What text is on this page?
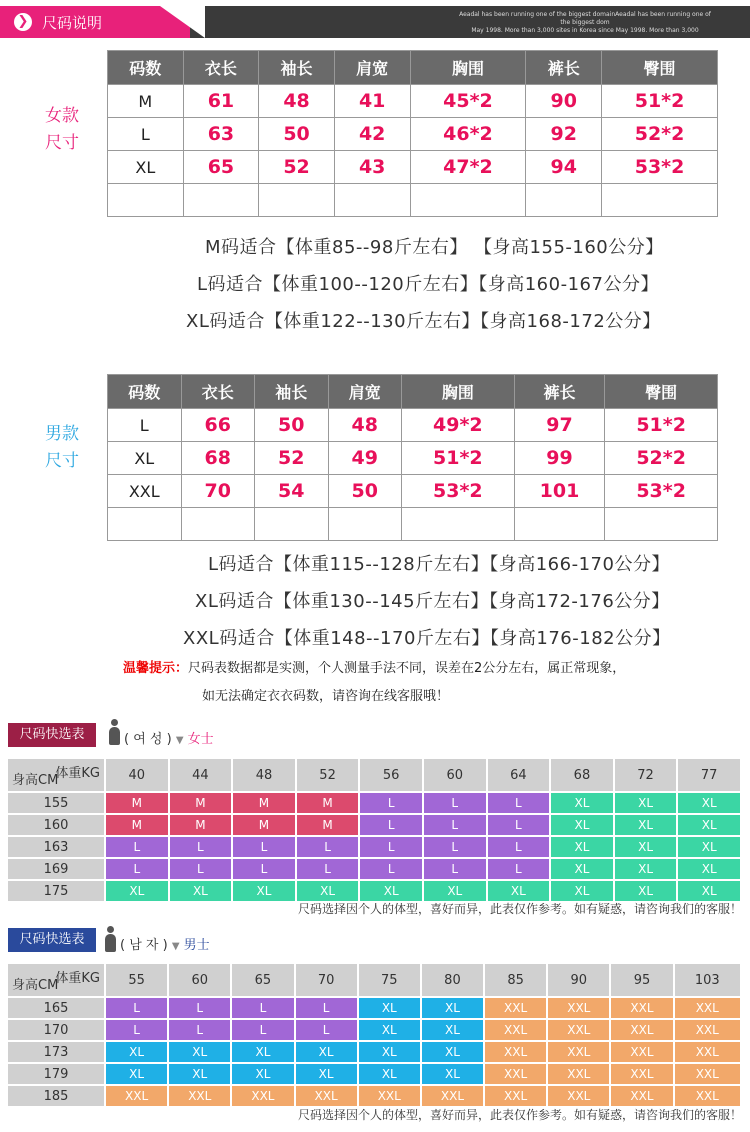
❯ 尺码说明	Aeadal has been running one of the biggest domainAeadal has been running one of the biggest dom
May 1998. More than 3,000 sites in Korea since May 1998. More than 3,000
女款
尺寸
码数	衣长	袖长	肩宽	胸围	裤长	臀围
M	61	48	41	45*2	90	51*2
L	63	50	42	46*2	92	52*2
XL	65	52	43	47*2	94	53*2

M码适合【体重85--98斤左右】 【身高155-160公分】
L码适合【体重100--120斤左右】【身高160-167公分】
XL码适合【体重122--130斤左右】【身高168-172公分】
男款
尺寸
码数	衣长	袖长	肩宽	胸围	裤长	臀围
L	66	50	48	49*2	97	51*2
XL	68	52	49	51*2	99	52*2
XXL	70	54	50	53*2	101	53*2

L码适合【体重115--128斤左右】【身高166-170公分】
XL码适合【体重130--145斤左右】【身高172-176公分】
XXL码适合【体重148--170斤左右】【身高176-182公分】
温馨提示：尺码表数据都是实测，个人测量手法不同，误差在2公分左右，属正常现象，
如无法确定衣衣码数，请咨询在线客服哦！
尺码快选表	( 여 성 ) ▼ 女士
体重KG
身高CM	40	44	48	52	56	60	64	68	72	77
155	M	M	M	M	L	L	L	XL	XL	XL
160	M	M	M	M	L	L	L	XL	XL	XL
163	L	L	L	L	L	L	L	XL	XL	XL
169	L	L	L	L	L	L	L	XL	XL	XL
175	XL	XL	XL	XL	XL	XL	XL	XL	XL	XL
尺码选择因个人的体型，喜好而异，此表仅作参考。如有疑惑，请咨询我们的客服！
尺码快选表	( 남 자 ) ▼ 男士
体重KG
身高CM	55	60	65	70	75	80	85	90	95	103
165	L	L	L	L	XL	XL	XXL	XXL	XXL	XXL
170	L	L	L	L	XL	XL	XXL	XXL	XXL	XXL
173	XL	XL	XL	XL	XL	XL	XXL	XXL	XXL	XXL
179	XL	XL	XL	XL	XL	XL	XXL	XXL	XXL	XXL
185	XXL	XXL	XXL	XXL	XXL	XXL	XXL	XXL	XXL	XXL
尺码选择因个人的体型，喜好而异，此表仅作参考。如有疑惑，请咨询我们的客服！
